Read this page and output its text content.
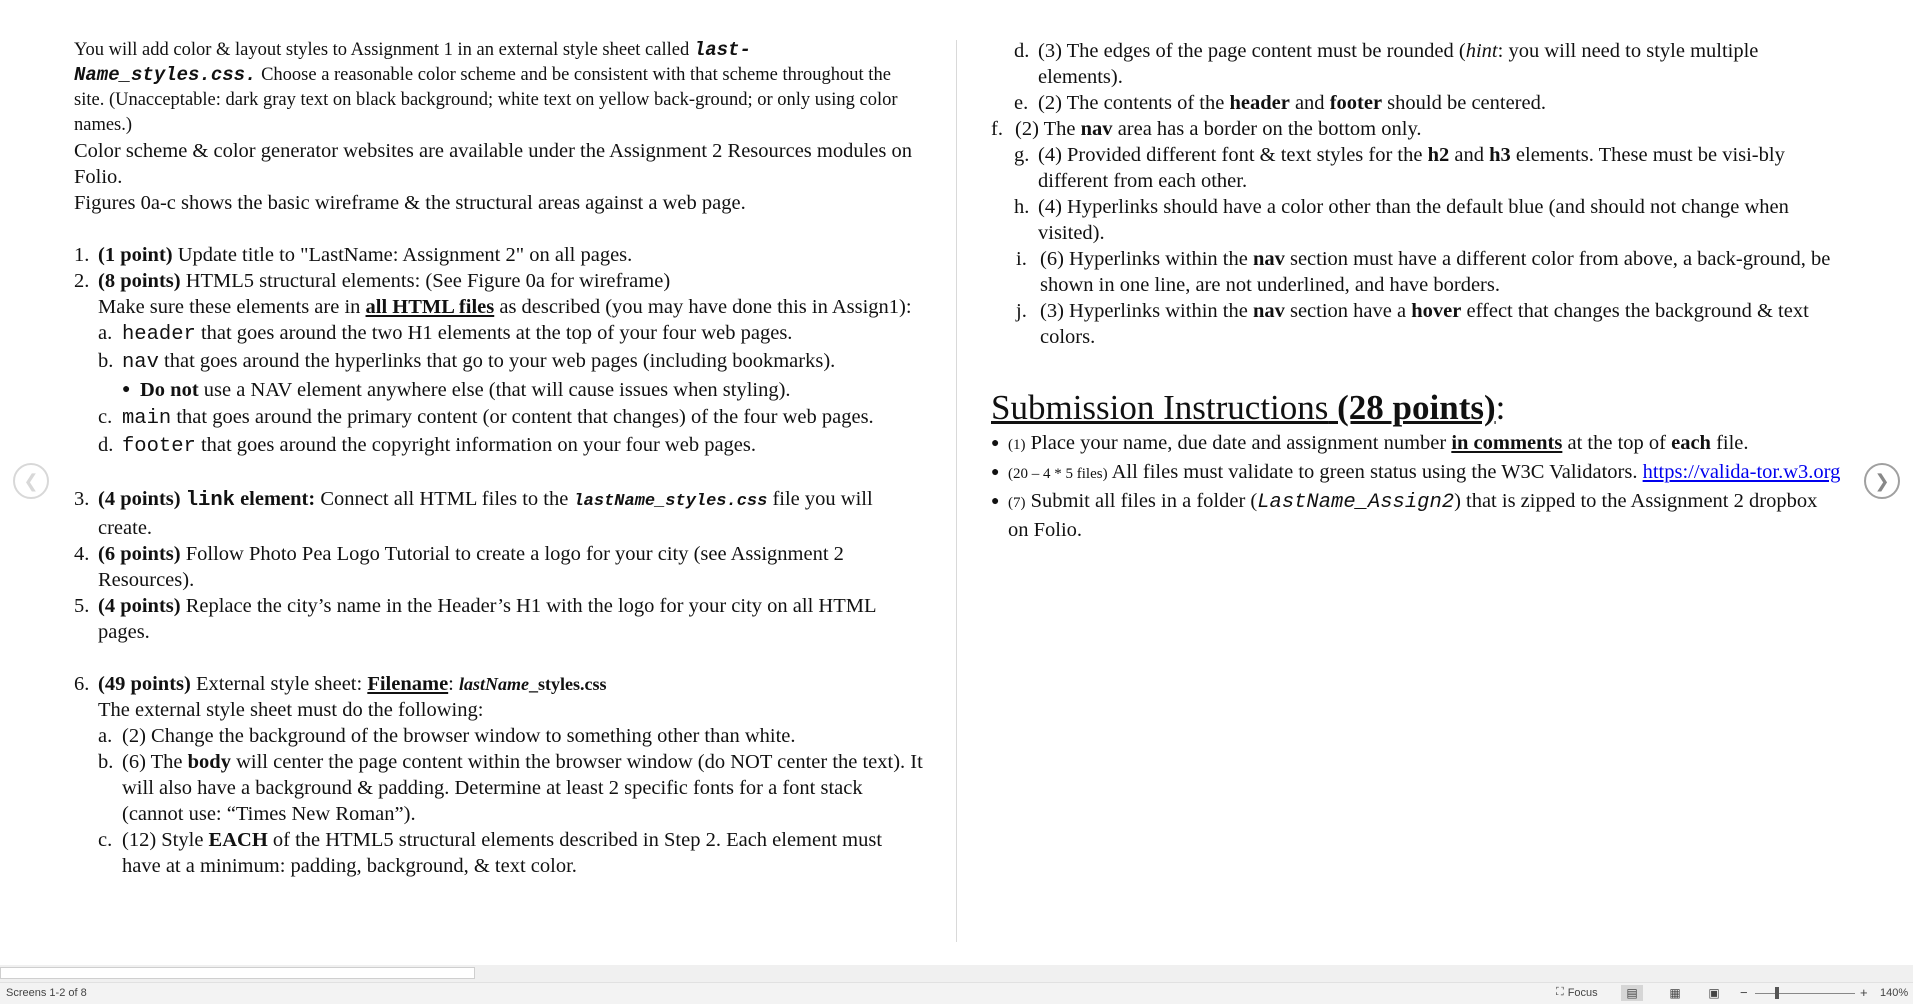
You will add color & layout styles to Assignment 1 in an external style sheet called last-Name_styles.css. Choose a reasonable color scheme and be consistent with that scheme throughout the site. (Unacceptable: dark gray text on black background; white text on yellow back-ground; or only using color names.)

Color scheme & color generator websites are available under the Assignment 2 Resources modules on Folio.

Figures 0a-c shows the basic wireframe & the structural areas against a web page.

1. (1 point) Update title to "LastName: Assignment 2" on all pages.
2. (8 points) HTML5 structural elements: (See Figure 0a for wireframe)

Make sure these elements are in all HTML files as described (you may have done this in Assign1):

a. header that goes around the two H1 elements at the top of your four web pages.
b. nav that goes around the hyperlinks that go to your web pages (including bookmarks).
● Do not use a NAV element anywhere else (that will cause issues when styling).
c. main that goes around the primary content (or content that changes) of the four web pages.
d. footer that goes around the copyright information on your four web pages.
3. (4 points) link element: Connect all HTML files to the lastName_styles.css file you will create.
4. (6 points) Follow Photo Pea Logo Tutorial to create a logo for your city (see Assignment 2 Resources).
5. (4 points) Replace the city’s name in the Header’s H1 with the logo for your city on all HTML pages.
6. (49 points) External style sheet: Filename: lastName_styles.css

The external style sheet must do the following:

a. (2) Change the background of the browser window to something other than white.
b. (6) The body will center the page content within the browser window (do NOT center the text). It will also have a background & padding. Determine at least 2 specific fonts for a font stack (cannot use: “Times New Roman”).
c. (12) Style EACH of the HTML5 structural elements described in Step 2. Each element must have at a minimum: padding, background, & text color.
d. (3) The edges of the page content must be rounded (hint: you will need to style multiple elements).
e. (2) The contents of the header and footer should be centered.
f. (2) The nav area has a border on the bottom only.
g. (4) Provided different font & text styles for the h2 and h3 elements. These must be visi-bly different from each other.
h. (4) Hyperlinks should have a color other than the default blue (and should not change when visited).
i. (6) Hyperlinks within the nav section must have a different color from above, a back-ground, be shown in one line, are not underlined, and have borders.
j. (3) Hyperlinks within the nav section have a hover effect that changes the background & text colors.
Submission Instructions (28 points):
● (1) Place your name, due date and assignment number in comments at the top of each file.
● (20 – 4 * 5 files) All files must validate to green status using the W3C Validators. https://valida-tor.w3.org
● (7) Submit all files in a folder (LastName_Assign2) that is zipped to the Assignment 2 dropbox on Folio.
❮	❯
Screens 1-2 of 8	⛶ Focus ▤	▦ ▣ −	+ 140%
